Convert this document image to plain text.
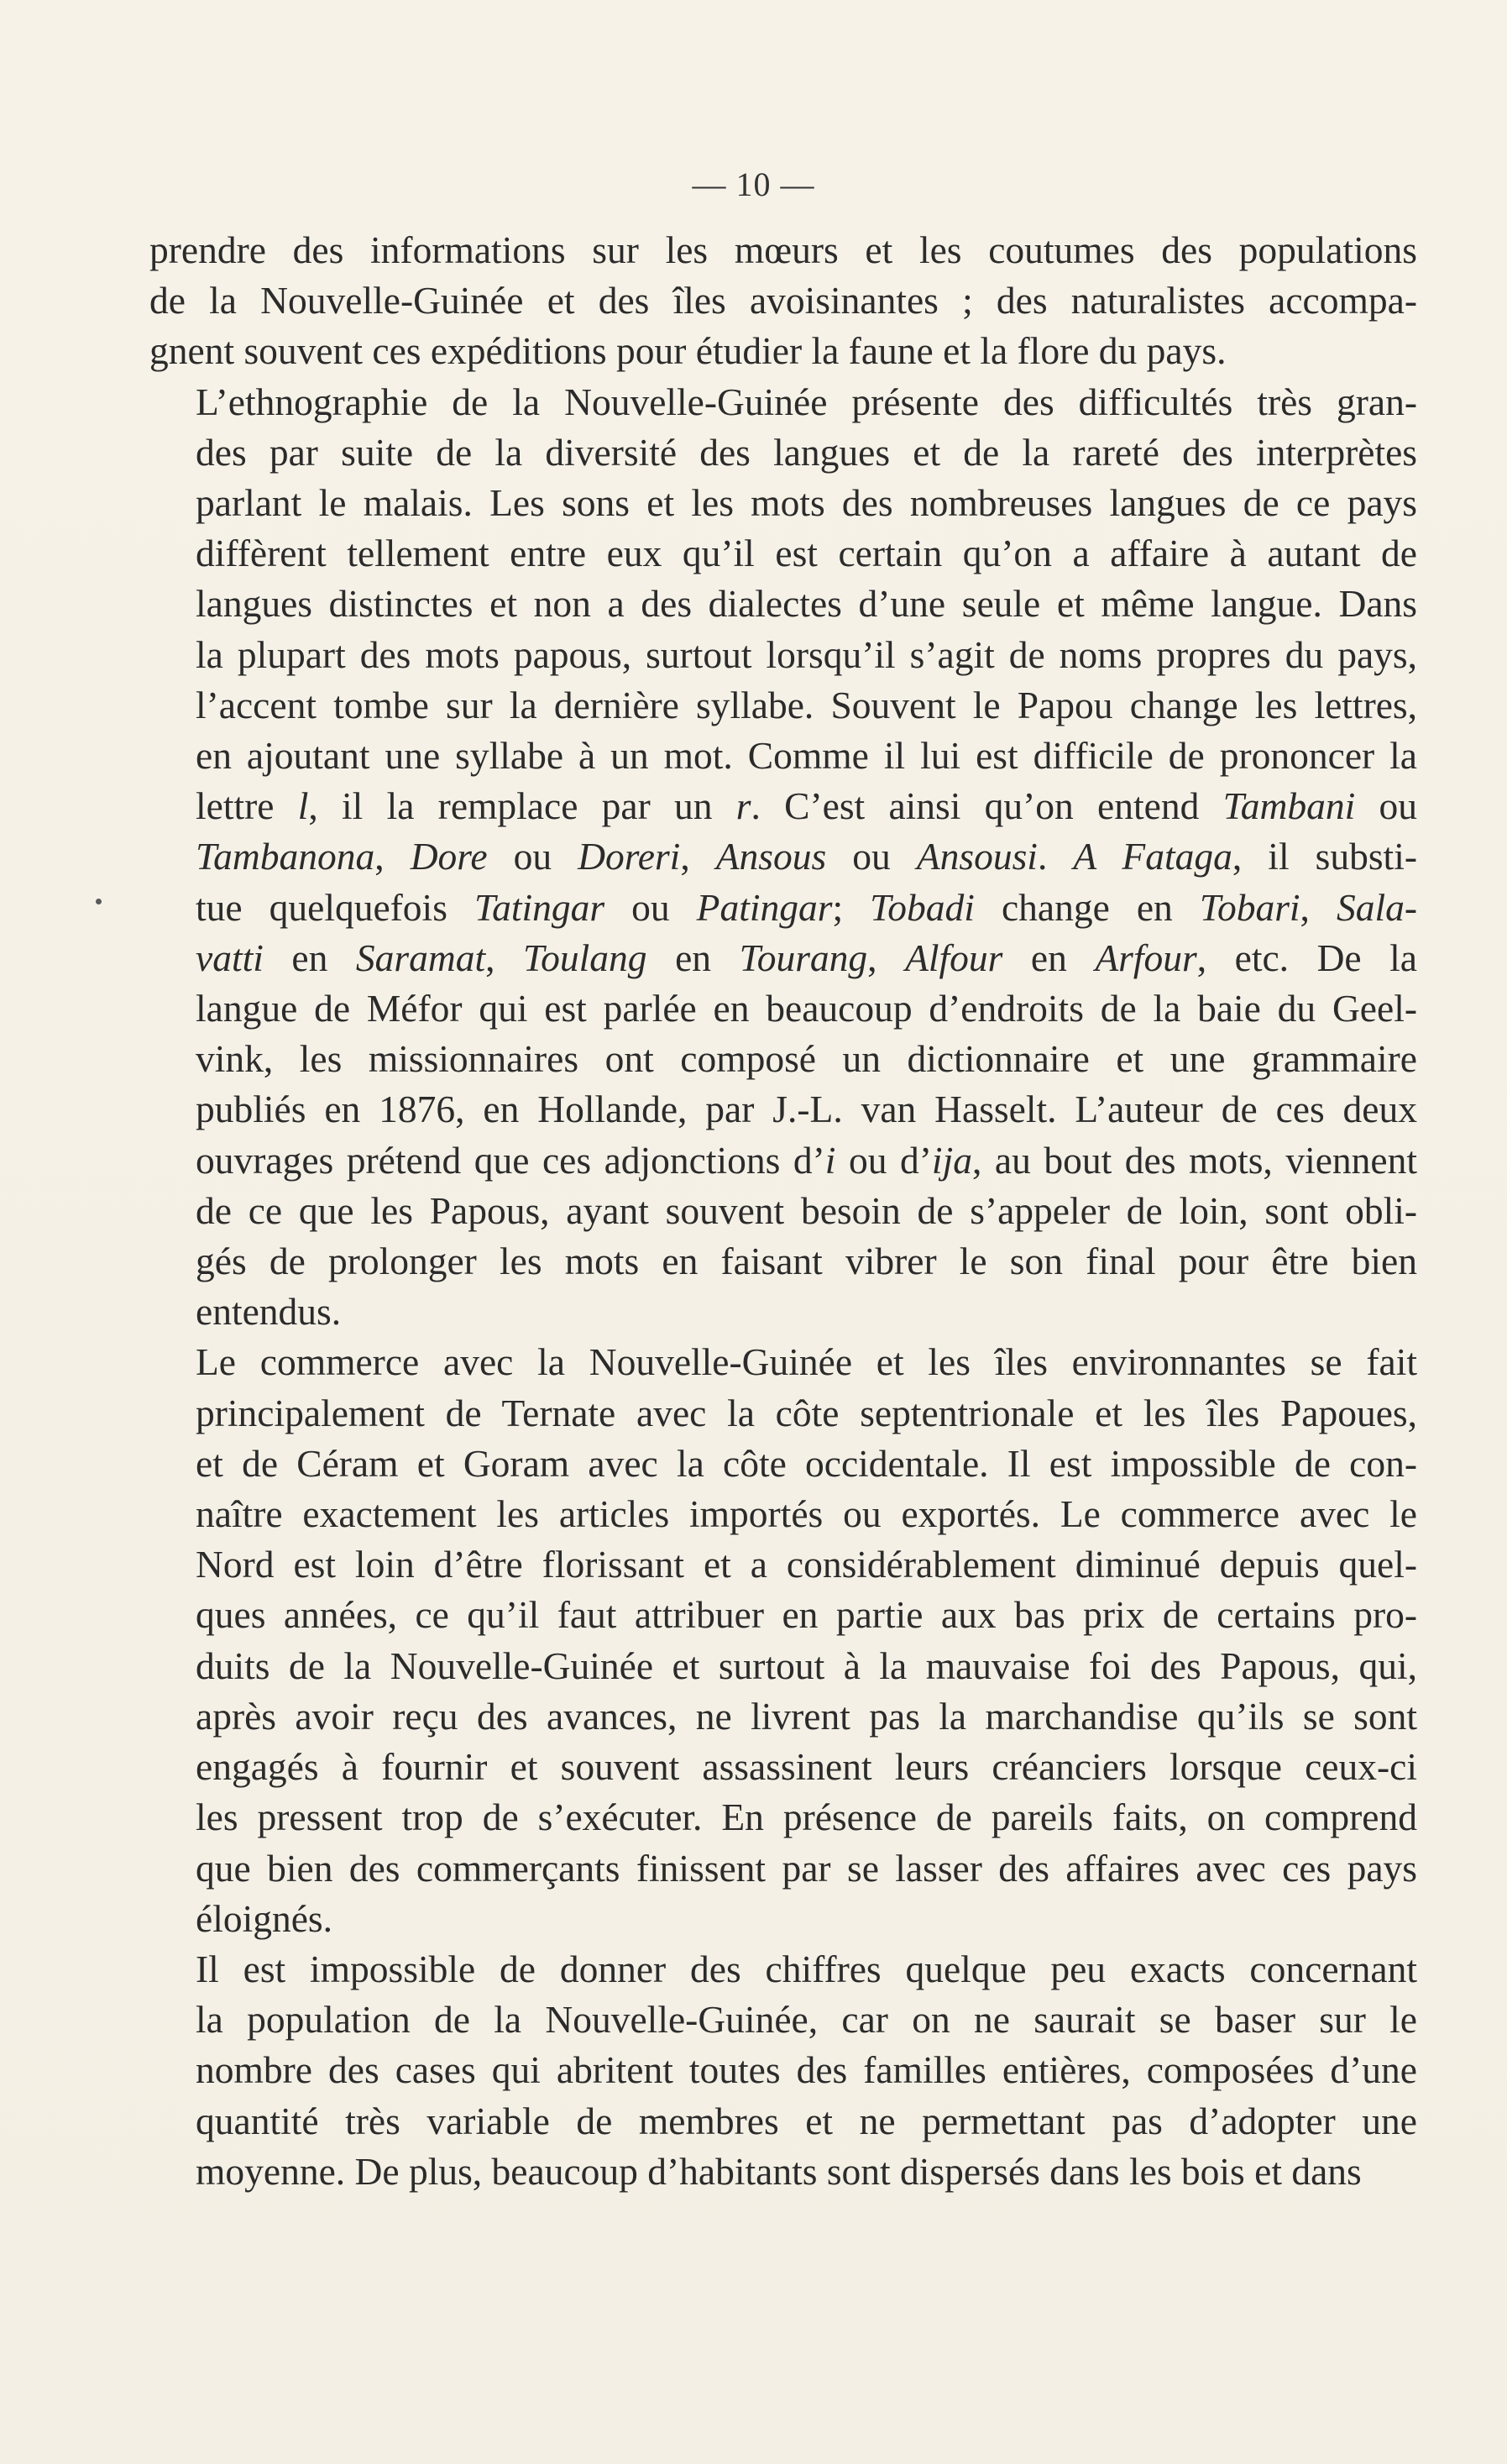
— 10 —
prendre des informations sur les mœurs et les coutumes des populations
de la Nouvelle-Guinée et des îles avoisinantes ; des naturalistes accompa-
gnent souvent ces expéditions pour étudier la faune et la flore du pays.
L’ethnographie de la Nouvelle-Guinée présente des difficultés très gran-
des par suite de la diversité des langues et de la rareté des interprètes
parlant le malais. Les sons et les mots des nombreuses langues de ce pays
diffèrent tellement entre eux qu’il est certain qu’on a affaire à autant de
langues distinctes et non a des dialectes d’une seule et même langue. Dans
la plupart des mots papous, surtout lorsqu’il s’agit de noms propres du pays,
l’accent tombe sur la dernière syllabe. Souvent le Papou change les lettres,
en ajoutant une syllabe à un mot. Comme il lui est difficile de prononcer la
lettre l, il la remplace par un r. C’est ainsi qu’on entend Tambani ou
Tambanona, Dore ou Doreri, Ansous ou Ansousi. A Fataga, il substi-
tue quelquefois Tatingar ou Patingar; Tobadi change en Tobari, Sala-
vatti en Saramat, Toulang en Tourang, Alfour en Arfour, etc. De la
langue de Méfor qui est parlée en beaucoup d’endroits de la baie du Geel-
vink, les missionnaires ont composé un dictionnaire et une grammaire
publiés en 1876, en Hollande, par J.-L. van Hasselt. L’auteur de ces deux
ouvrages prétend que ces adjonctions d’i ou d’ija, au bout des mots, viennent
de ce que les Papous, ayant souvent besoin de s’appeler de loin, sont obli-
gés de prolonger les mots en faisant vibrer le son final pour être bien
entendus.
Le commerce avec la Nouvelle-Guinée et les îles environnantes se fait
principalement de Ternate avec la côte septentrionale et les îles Papoues,
et de Céram et Goram avec la côte occidentale. Il est impossible de con-
naître exactement les articles importés ou exportés. Le commerce avec le
Nord est loin d’être florissant et a considérablement diminué depuis quel-
ques années, ce qu’il faut attribuer en partie aux bas prix de certains pro-
duits de la Nouvelle-Guinée et surtout à la mauvaise foi des Papous, qui,
après avoir reçu des avances, ne livrent pas la marchandise qu’ils se sont
engagés à fournir et souvent assassinent leurs créanciers lorsque ceux-ci
les pressent trop de s’exécuter. En présence de pareils faits, on comprend
que bien des commerçants finissent par se lasser des affaires avec ces pays
éloignés.
Il est impossible de donner des chiffres quelque peu exacts concernant
la population de la Nouvelle-Guinée, car on ne saurait se baser sur le
nombre des cases qui abritent toutes des familles entières, composées d’une
quantité très variable de membres et ne permettant pas d’adopter une
moyenne. De plus, beaucoup d’habitants sont dispersés dans les bois et dans
